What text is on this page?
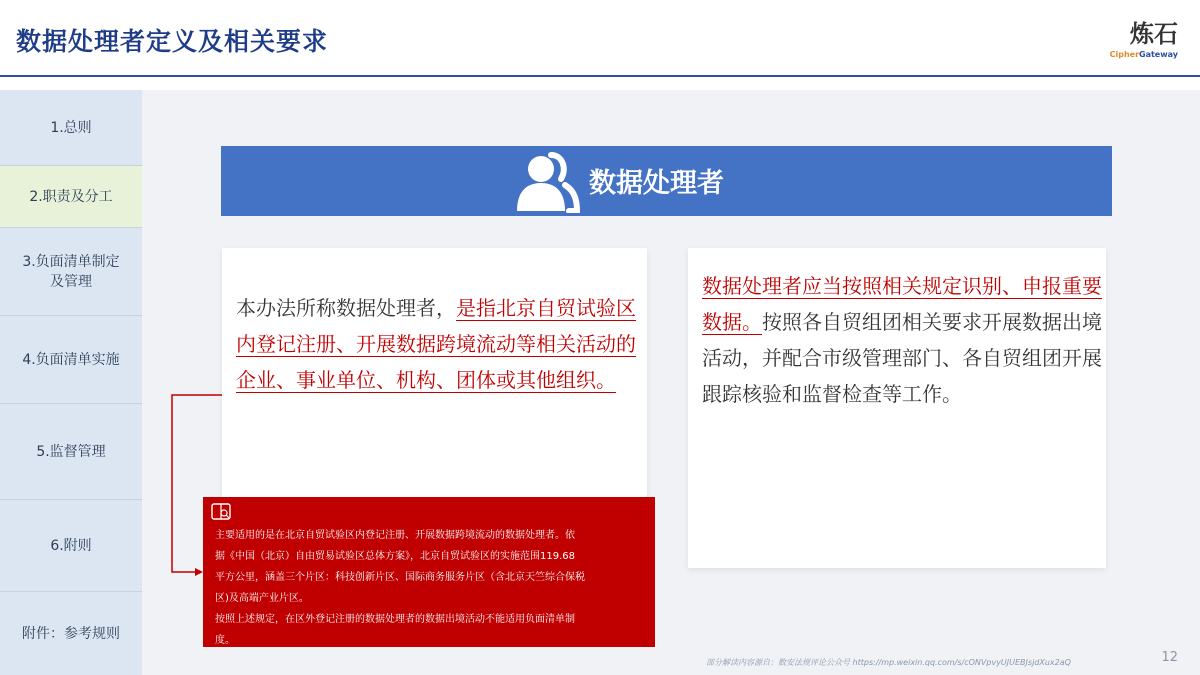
数据处理者定义及相关要求	炼石
CipherGateway
1.总则
2.职责及分工
3.负面清单制定及管理
4.负面清单实施
5.监督管理
6.附则
附件：参考规则
数据处理者
本办法所称数据处理者，是指北京自贸试验区内登记注册、开展数据跨境流动等相关活动的企业、事业单位、机构、团体或其他组织。
数据处理者应当按照相关规定识别、申报重要数据。按照各自贸组团相关要求开展数据出境活动，并配合市级管理部门、各自贸组团开展跟踪核验和监督检查等工作。
主要适用的是在北京自贸试验区内登记注册、开展数据跨境流动的数据处理者。依
据《中国（北京）自由贸易试验区总体方案》，北京自贸试验区的实施范围119.68
平方公里，涵盖三个片区：科技创新片区、国际商务服务片区（含北京天竺综合保税
区)及高端产业片区。
按照上述规定，在区外登记注册的数据处理者的数据出境活动不能适用负面清单制
度。
部分解读内容源自：数安法规评论公众号 https://mp.weixin.qq.com/s/cONVpvyUJUEBJsjdXux2aQ	12
